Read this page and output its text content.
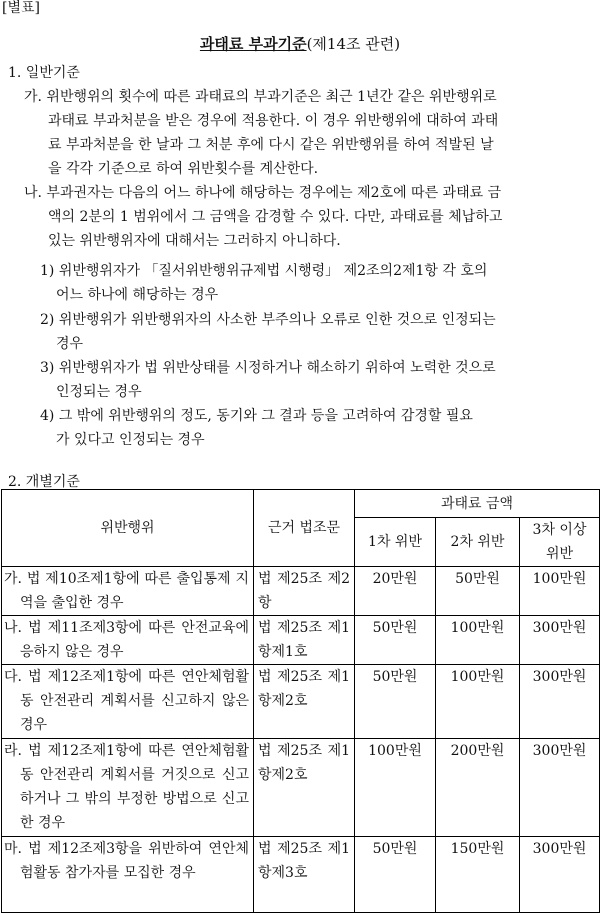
[별표]
과태료 부과기준(제14조 관련)
1. 일반기준
가. 위반행위의 횟수에 따른 과태료의 부과기준은 최근 1년간 같은 위반행위로
과태료 부과처분을 받은 경우에 적용한다. 이 경우 위반행위에 대하여 과태
료 부과처분을 한 날과 그 처분 후에 다시 같은 위반행위를 하여 적발된 날
을 각각 기준으로 하여 위반횟수를 계산한다.
나. 부과권자는 다음의 어느 하나에 해당하는 경우에는 제2호에 따른 과태료 금
액의 2분의 1 범위에서 그 금액을 감경할 수 있다. 다만, 과태료를 체납하고
있는 위반행위자에 대해서는 그러하지 아니하다.
1) 위반행위자가 「질서위반행위규제법 시행령」 제2조의2제1항 각 호의
어느 하나에 해당하는 경우
2) 위반행위가 위반행위자의 사소한 부주의나 오류로 인한 것으로 인정되는
경우
3) 위반행위자가 법 위반상태를 시정하거나 해소하기 위하여 노력한 것으로
인정되는 경우
4) 그 밖에 위반행위의 정도, 동기와 그 결과 등을 고려하여 감경할 필요
가 있다고 인정되는 경우
2. 개별기준
위반행위	근거 법조문	과태료 금액		
		1차 위반	2차 위반	3차 이상 위반
가. 법 제10조제1항에 따른 출입통제 지역을 출입한 경우	법 제25조 제2항	20만원	50만원	100만원
나. 법 제11조제3항에 따른 안전교육에 응하지 않은 경우	법 제25조 제1항제1호	50만원	100만원	300만원
다. 법 제12조제1항에 따른 연안체험활동 안전관리 계획서를 신고하지 않은 경우	법 제25조 제1항제2호	50만원	100만원	300만원
라. 법 제12조제1항에 따른 연안체험활동 안전관리 계획서를 거짓으로 신고하거나 그 밖의 부정한 방법으로 신고한 경우	법 제25조 제1항제2호	100만원	200만원	300만원
마. 법 제12조제3항을 위반하여 연안체험활동 참가자를 모집한 경우	법 제25조 제1항제3호	50만원	150만원	300만원
